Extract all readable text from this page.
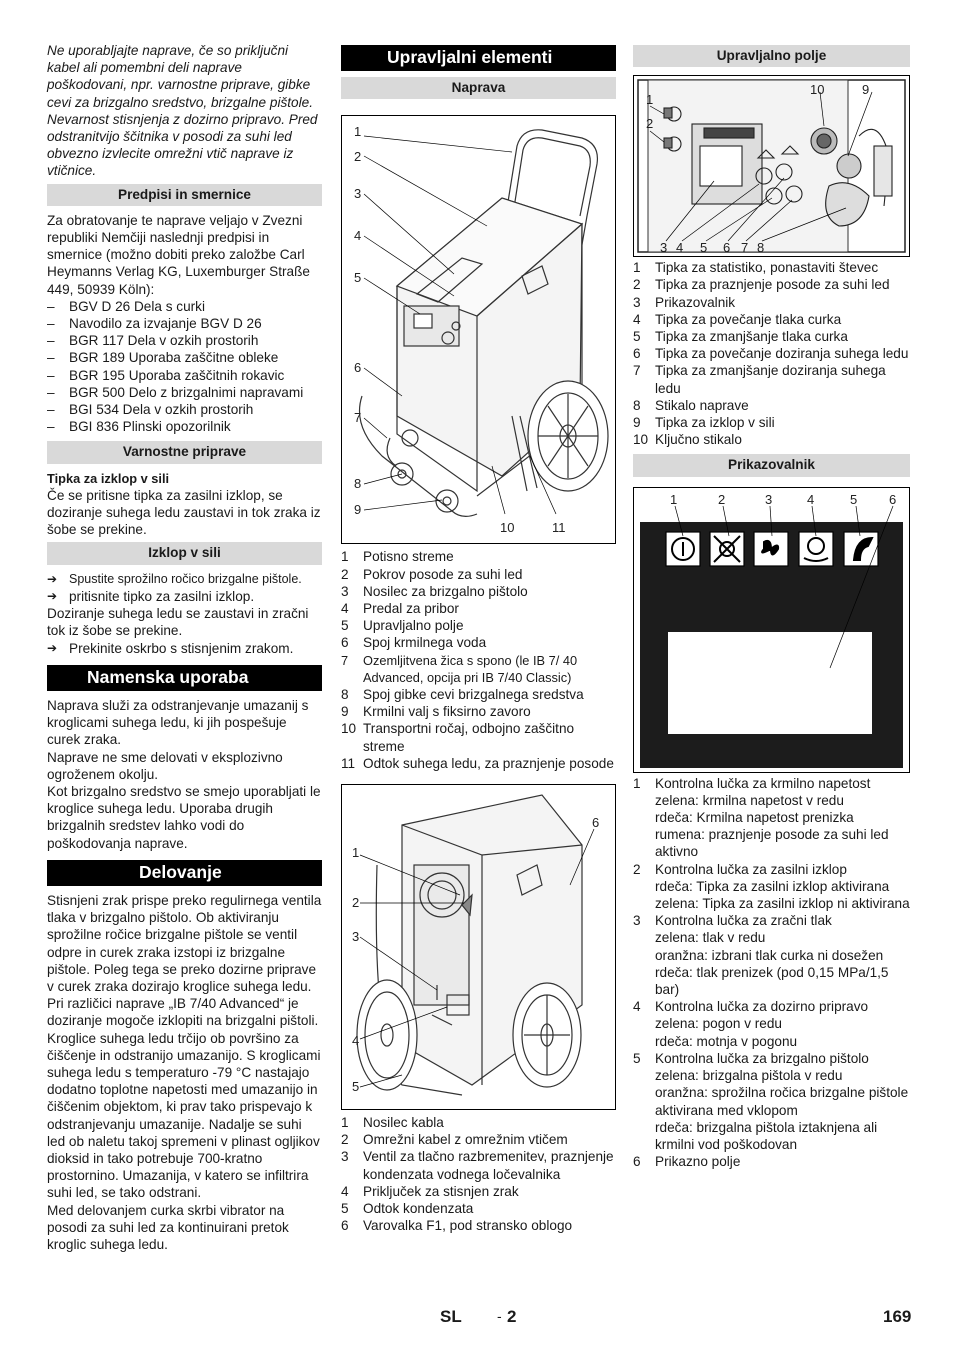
Ne uporabljajte naprave, če so priključni kabel ali pomembni deli naprave poškodovani, npr. varnostne priprave, gibke cevi za brizgalno sredstvo, brizgalne pištole. Nevarnost stisnjenja z dozirno pripravo. Pred odstranitvijo ščitnika v posodi za suhi led obvezno izvlecite omrežni vtič naprave iz vtičnice.

Predpisi in smernice

Za obratovanje te naprave veljajo v Zvezni republiki Nemčiji naslednji predpisi in smernice (možno dobiti preko založbe Carl Heymanns Verlag KG, Luxemburger Straße 449, 50939 Köln):

– BGV D 26 Dela s curki
– Navodilo za izvajanje BGV D 26
– BGR 117 Dela v ozkih prostorih
– BGR 189 Uporaba zaščitne obleke
– BGR 195 Uporaba zaščitnih rokavic
– BGR 500 Delo z brizgalnimi napravami
– BGI 534 Dela v ozkih prostorih
– BGI 836 Plinski opozorilnik
Varnostne priprave

Tipka za izklop v sili

Če se pritisne tipka za zasilni izklop, se doziranje suhega ledu zaustavi in tok zraka iz šobe se prekine.

Izklop v sili
➔ Spustite sprožilno ročico brizgalne pištole.
➔ pritisnite tipko za zasilni izklop.

Doziranje suhega ledu se zaustavi in zračni tok iz šobe se prekine.

➔ Prekinite oskrbo s stisnjenim zrakom.
Namenska uporaba

Naprava služi za odstranjevanje umazanij s kroglicami suhega ledu, ki jih pospešuje curek zraka.

Naprave ne sme delovati v eksplozivno ogroženem okolju.

Kot brizgalno sredstvo se smejo uporabljati le kroglice suhega ledu. Uporaba drugih brizgalnih sredstev lahko vodi do poškodovanja naprave.

Delovanje

Stisnjeni zrak prispe preko regulirnega ventila tlaka v brizgalno pištolo. Ob aktiviranju sprožilne ročice brizgalne pištole se ventil odpre in curek zraka izstopi iz brizgalne pištole. Poleg tega se preko dozirne priprave v curek zraka dozirajo kroglice suhega ledu. Pri različici naprave „IB 7/40 Advanced“ je doziranje mogoče izklopiti na brizgalni pištoli. Kroglice suhega ledu trčijo ob površino za čiščenje in odstranijo umazanijo. S kroglicami suhega ledu s temperaturo -79 °C nastajajo dodatno toplotne napetosti med umazanijo in čiščenim objektom, ki prav tako prispevajo k odstranjevanju umazanije. Nadalje se suhi led ob naletu takoj spremeni v plinast ogljikov dioksid in tako potrebuje 700-kratno prostornino. Umazanija, v katero se infiltrira suhi led, se tako odstrani.

Med delovanjem curka skrbi vibrator na posodi za suhi led za kontinuirani pretok kroglic suhega ledu.

Upravljalni elementi
Naprava
1
2
3
4
5
6
7
8
9
10	11
1	Potisno streme
2	Pokrov posode za suhi led
3	Nosilec za brizgalno pištolo
4	Predal za pribor
5	Upravljalno polje
6	Spoj krmilnega voda
7	Ozemljitvena žica s spono (le IB 7/ 40 Advanced, opcija pri IB 7/40 Classic)
8	Spoj gibke cevi brizgalnega sredstva
9	Krmilni valj s fiksirno zavoro
10 Transportni ročaj, odbojno zaščitno streme
11 Odtok suhega ledu, za praznjenje posode
1
2
3
4
5
6
1	Nosilec kabla
2	Omrežni kabel z omrežnim vtičem
3	Ventil za tlačno razbremenitev, praznjenje kondenzata vodnega ločevalnika
4	Priključek za stisnjen zrak
5	Odtok kondenzata
6	Varovalka F1, pod stransko oblogo
Upravljalno polje
1
2
10	9
3 4 5 6 7 8
1	Tipka za statistiko, ponastaviti števec
2	Tipka za praznjenje posode za suhi led
3	Prikazovalnik
4	Tipka za povečanje tlaka curka
5	Tipka za zmanjšanje tlaka curka
6	Tipka za povečanje doziranja suhega ledu
7	Tipka za zmanjšanje doziranja suhega ledu
8	Stikalo naprave
9	Tipka za izklop v sili
10 Ključno stikalo
Prikazovalnik
1	2	3	4	5 6
1	Kontrolna lučka za krmilno napetost
zelena: krmilna napetost v redu
rdeča: Krmilna napetost prenizka
rumena: praznjenje posode za suhi led aktivno
2	Kontrolna lučka za zasilni izklop
rdeča: Tipka za zasilni izklop aktivirana
zelena: Tipka za zasilni izklop ni aktivirana
3	Kontrolna lučka za zračni tlak
zelena: tlak v redu
oranžna: izbrani tlak curka ni dosežen
rdeča: tlak prenizek (pod 0,15 MPa/1,5 bar)
4	Kontrolna lučka za dozirno pripravo
zelena: pogon v redu
rdeča: motnja v pogonu
5	Kontrolna lučka za brizgalno pištolo
zelena: brizgalna pištola v redu
oranžna: sprožilna ročica brizgalne pištole aktivirana med vklopom
rdeča: brizgalna pištola iztaknjena ali krmilni vod poškodovan
6	Prikazno polje
SL	- 2	169
